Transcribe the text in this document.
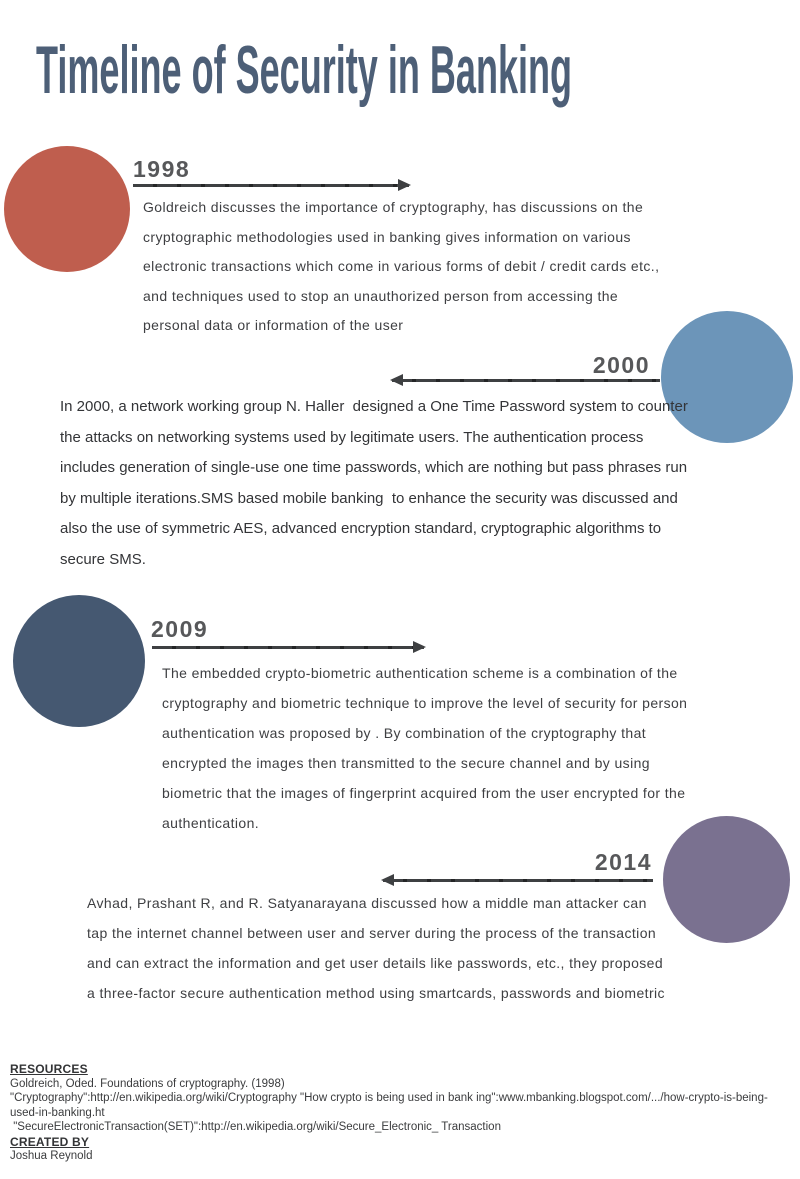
Timeline of Security in Banking
1998

Goldreich discusses the importance of cryptography, has discussions on the cryptographic methodologies used in banking gives information on various electronic transactions which come in various forms of debit / credit cards etc., and techniques used to stop an unauthorized person from accessing the personal data or information of the user

2000

In 2000, a network working group N. Haller  designed a One Time Password system to counter the attacks on networking systems used by legitimate users. The authentication process includes generation of single-use one time passwords, which are nothing but pass phrases run by multiple iterations.SMS based mobile banking  to enhance the security was discussed and also the use of symmetric AES, advanced encryption standard, cryptographic algorithms to secure SMS.

2009

The embedded crypto-biometric authentication scheme is a combination of the cryptography and biometric technique to improve the level of security for person authentication was proposed by . By combination of the cryptography that encrypted the images then transmitted to the secure channel and by using biometric that the images of fingerprint acquired from the user encrypted for the authentication.

2014

Avhad, Prashant R, and R. Satyanarayana discussed how a middle man attacker can tap the internet channel between user and server during the process of the transaction and can extract the information and get user details like passwords, etc., they proposed a three-factor secure authentication method using smartcards, passwords and biometric

RESOURCES
Goldreich, Oded. Foundations of cryptography. (1998)
"Cryptography":http://en.wikipedia.org/wiki/Cryptography "How crypto is being used in bank ing":www.mbanking.blogspot.com/.../how-crypto-is-being-used-in-banking.ht
"SecureElectronicTransaction(SET)":http://en.wikipedia.org/wiki/Secure_Electronic_ Transaction
CREATED BY
Joshua Reynold
